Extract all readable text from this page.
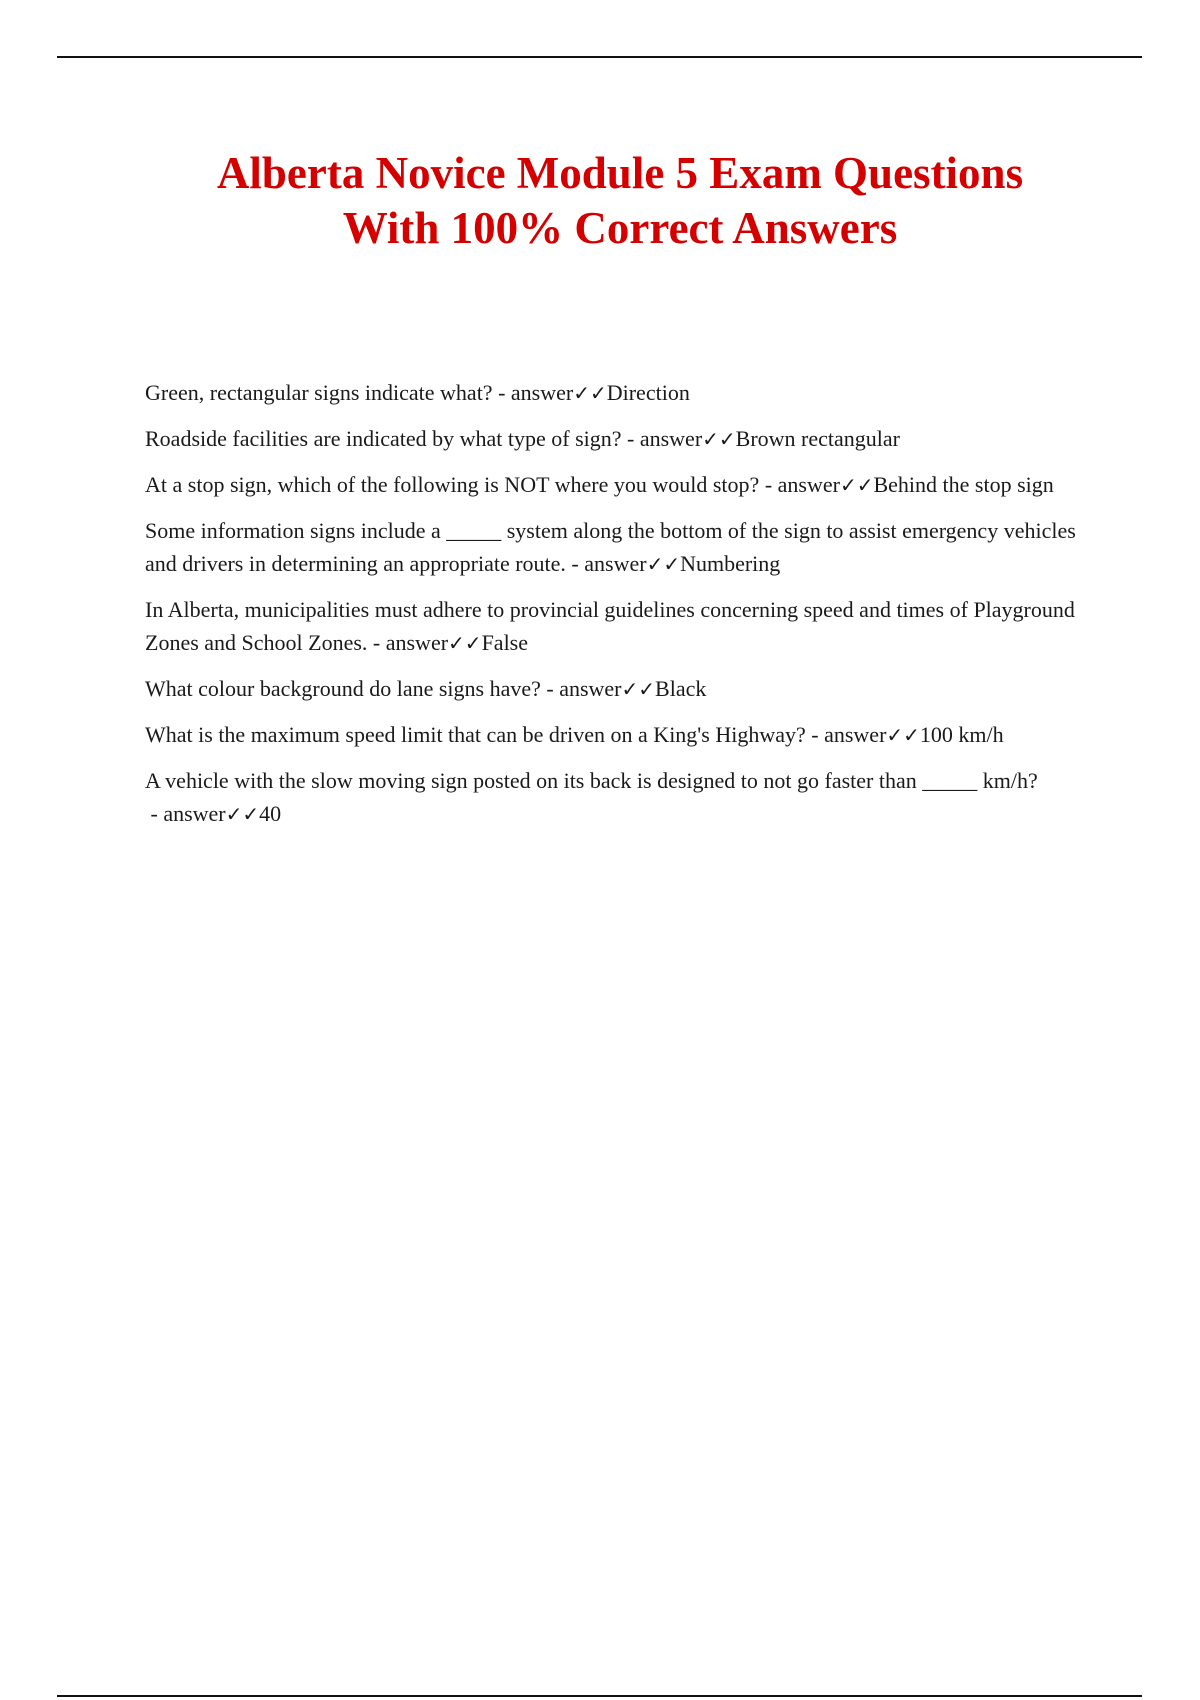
Alberta Novice Module 5 Exam Questions
With 100% Correct Answers
Green, rectangular signs indicate what? - answer✓✓Direction
Roadside facilities are indicated by what type of sign? - answer✓✓Brown rectangular
At a stop sign, which of the following is NOT where you would stop? - answer✓✓Behind the stop sign
Some information signs include a _____ system along the bottom of the sign to assist emergency vehicles and drivers in determining an appropriate route. - answer✓✓Numbering
In Alberta, municipalities must adhere to provincial guidelines concerning speed and times of Playground Zones and School Zones. - answer✓✓False
What colour background do lane signs have? - answer✓✓Black
What is the maximum speed limit that can be driven on a King's Highway? - answer✓✓100 km/h
A vehicle with the slow moving sign posted on its back is designed to not go faster than _____ km/h? - answer✓✓40
